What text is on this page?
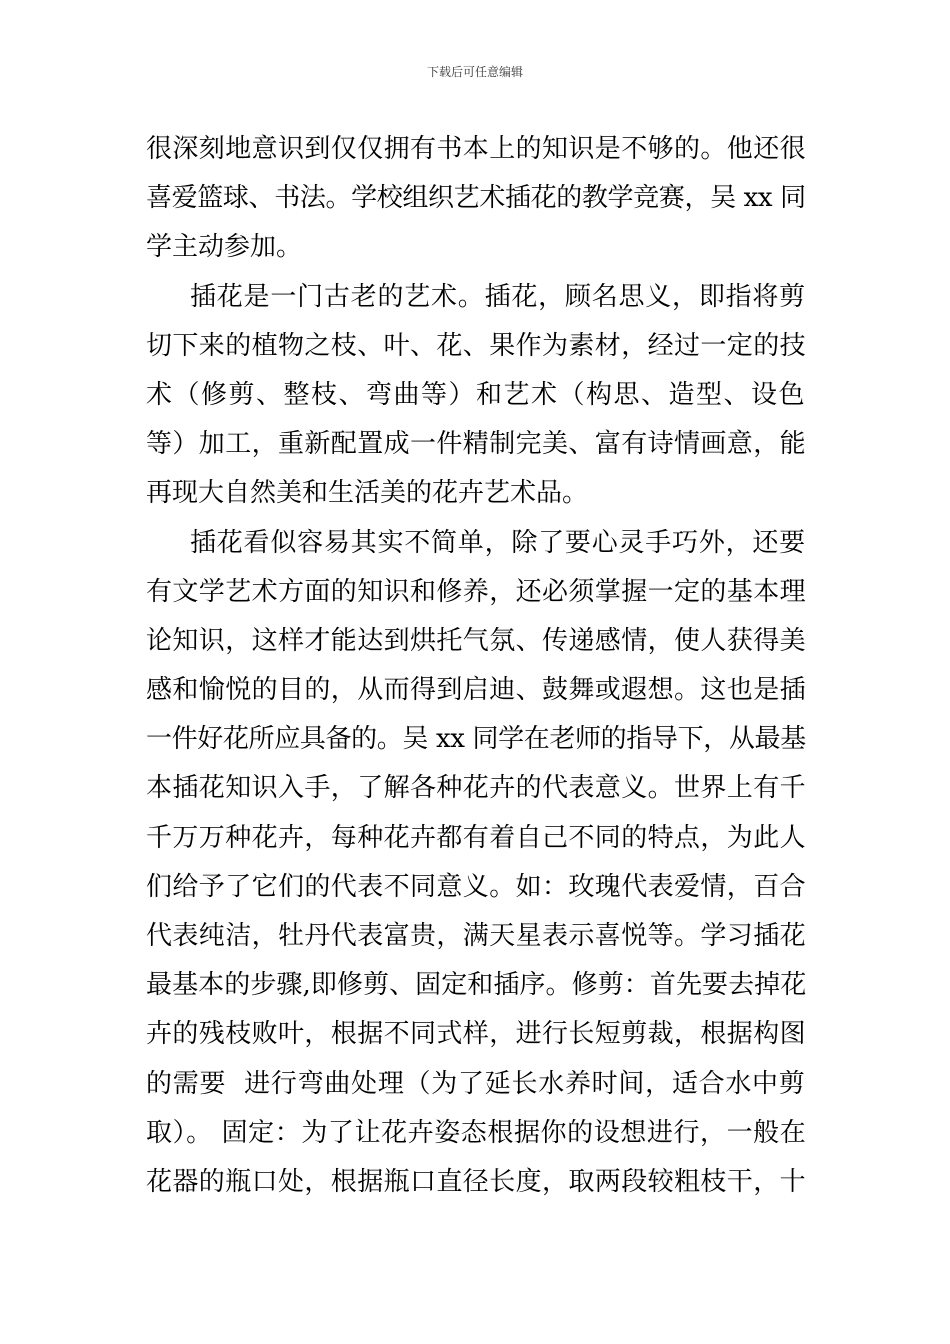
下载后可任意编辑
很深刻地意识到仅仅拥有书本上的知识是不够的。他还很
喜爱篮球、书法。学校组织艺术插花的教学竞赛，吴 xx 同
学主动参加。
插花是一门古老的艺术。插花，顾名思义，即指将剪
切下来的植物之枝、叶、花、果作为素材，经过一定的技
术（修剪、整枝、弯曲等）和艺术（构思、造型、设色
等）加工，重新配置成一件精制完美、富有诗情画意，能
再现大自然美和生活美的花卉艺术品。
插花看似容易其实不简单，除了要心灵手巧外，还要
有文学艺术方面的知识和修养，还必须掌握一定的基本理
论知识，这样才能达到烘托气氛、传递感情，使人获得美
感和愉悦的目的，从而得到启迪、鼓舞或遐想。这也是插
一件好花所应具备的。吴 xx 同学在老师的指导下，从最基
本插花知识入手，了解各种花卉的代表意义。世界上有千
千万万种花卉，每种花卉都有着自己不同的特点，为此人
们给予了它们的代表不同意义。如：玫瑰代表爱情，百合
代表纯洁，牡丹代表富贵，满天星表示喜悦等。学习插花
最基本的步骤,即修剪、固定和插序。修剪：首先要去掉花
卉的残枝败叶，根据不同式样，进行长短剪裁，根据构图
的需要  进行弯曲处理（为了延长水养时间，适合水中剪
取）。 固定：为了让花卉姿态根据你的设想进行，一般在
花器的瓶口处，根据瓶口直径长度，取两段较粗枝干，十
